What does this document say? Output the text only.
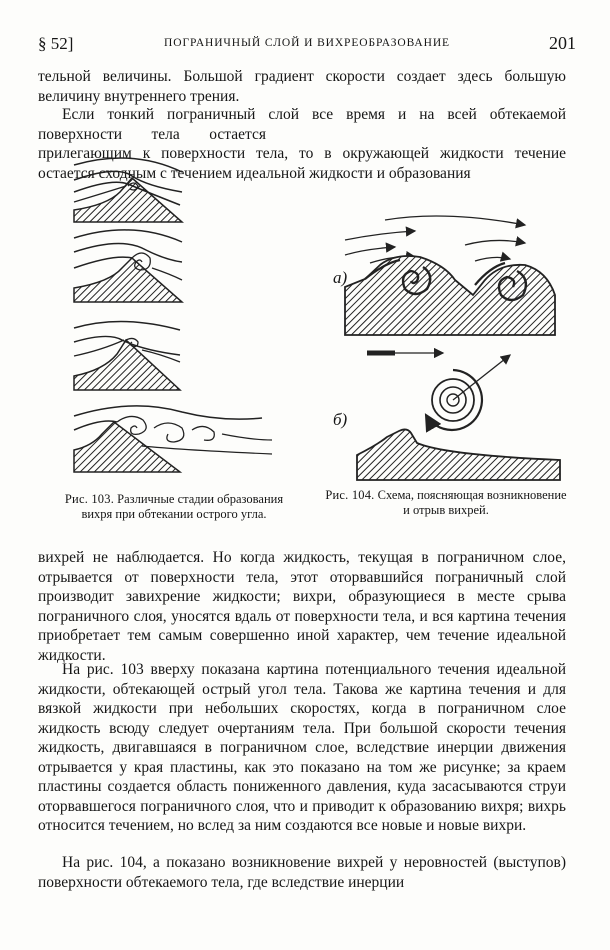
§ 52]	ПОГРАНИЧНЫЙ СЛОЙ И ВИХРЕОБРАЗОВАНИЕ	201

тельной величины. Большой градиент скорости создает здесь большую величину внутреннего трения.

Если тонкий пограничный слой все время и на всей обтекаемой поверхности тела остается прилегающим к поверхности тела, то в окружающей жидкости течение остается сходным с течением идеальной жидкости и образования

Рис. 103. Различные стадии образования вихря при обтекании острого угла.

а)
б)

Рис. 104. Схема, поясняющая возникновение и отрыв вихрей.

вихрей не наблюдается. Но когда жидкость, текущая в пограничном слое, отрывается от поверхности тела, этот оторвавшийся пограничный слой производит завихрение жидкости; вихри, образующиеся в месте срыва пограничного слоя, уносятся вдаль от поверхности тела, и вся картина течения приобретает тем самым совершенно иной характер, чем течение идеальной жидкости.

На рис. 103 вверху показана картина потенциального течения идеальной жидкости, обтекающей острый угол тела. Такова же картина течения и для вязкой жидкости при небольших скоростях, когда в пограничном слое жидкость всюду следует очертаниям тела. При большой скорости течения жидкость, двигавшаяся в пограничном слое, вследствие инерции движения отрывается у края пластины, как это показано на том же рисунке; за краем пластины создается область пониженного давления, куда засасываются струи оторвавшегося пограничного слоя, что и приводит к образованию вихря; вихрь относится течением, но вслед за ним создаются все новые и новые вихри.

На рис. 104, а показано возникновение вихрей у неровностей (выступов) поверхности обтекаемого тела, где вследствие инерции
